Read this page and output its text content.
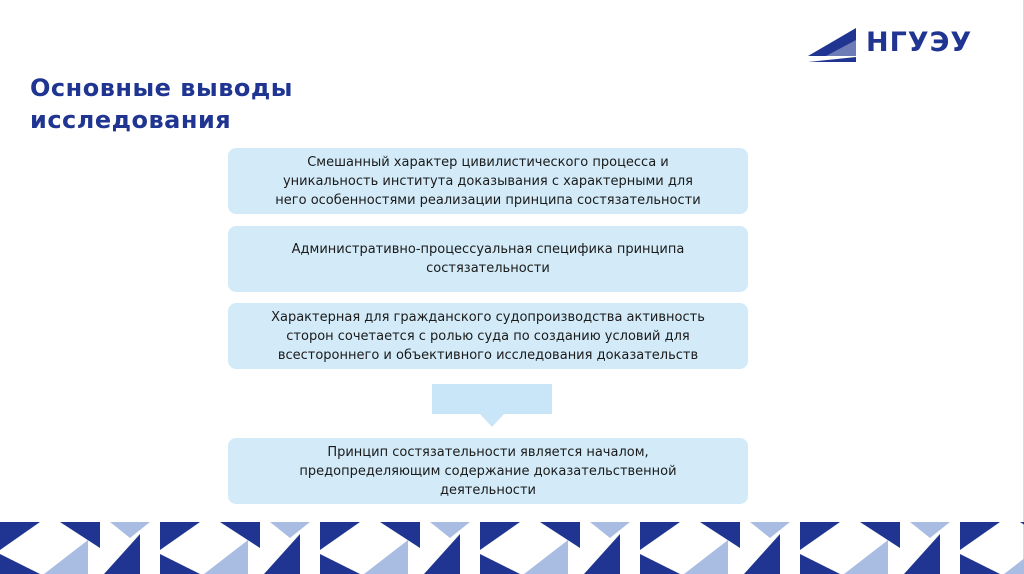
НГУЭУ
Основные выводы исследования
Смешанный характер цивилистического процесса и
уникальность института доказывания с характерными для
него особенностями реализации принципа состязательности
Административно-процессуальная специфика принципа
состязательности
Характерная для гражданского судопроизводства активность
сторон сочетается с ролью суда по созданию условий для
всестороннего и объективного исследования доказательств
Принцип состязательности является началом,
предопределяющим содержание доказательственной
деятельности
1
